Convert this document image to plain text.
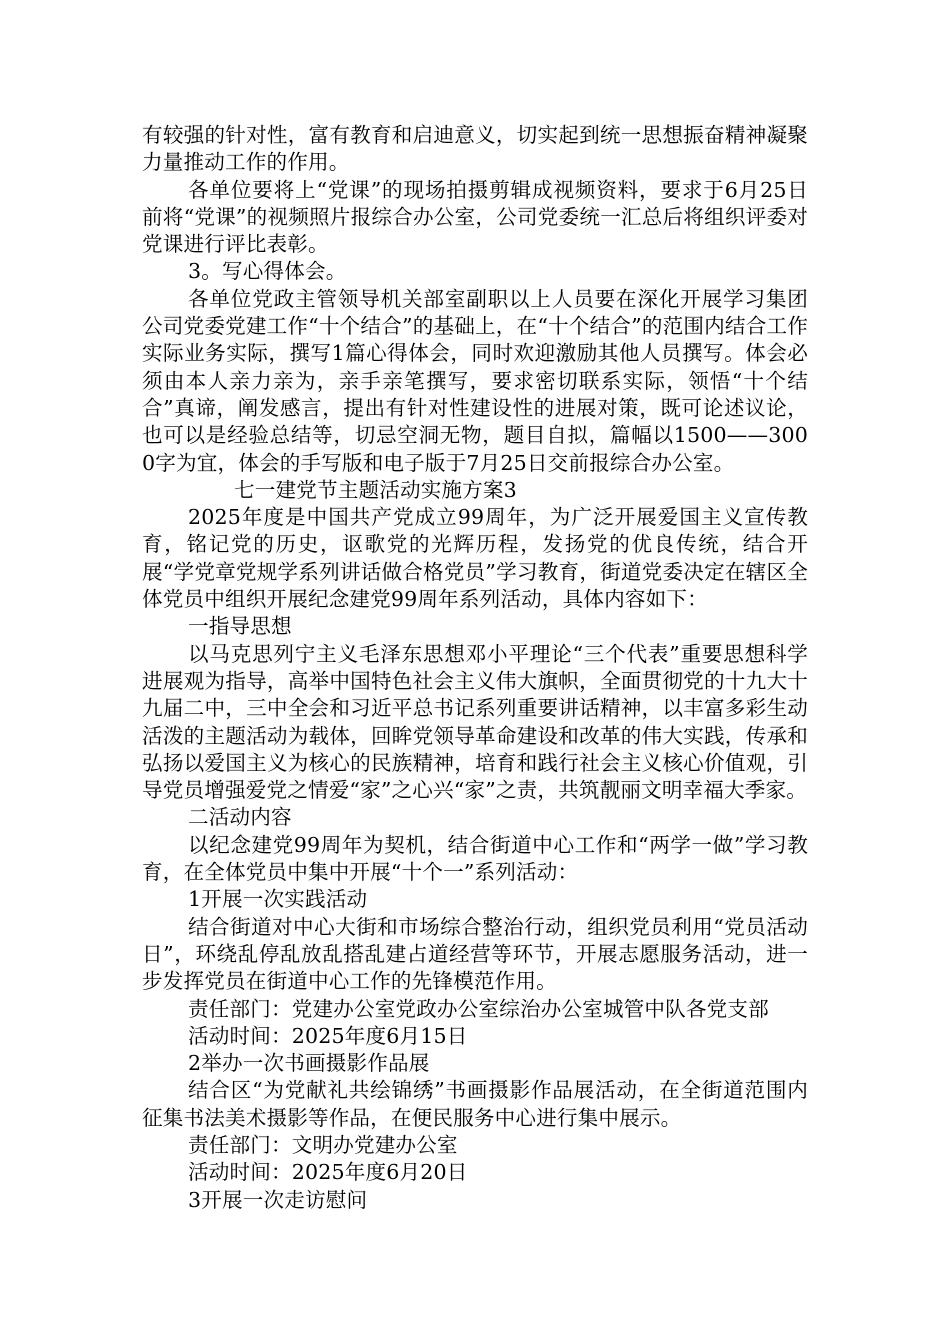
有较强的针对性，富有教育和启迪意义，切实起到统一思想振奋精神凝聚力量推动工作的作用。

各单位要将上“党课”的现场拍摄剪辑成视频资料，要求于6月25日前将“党课”的视频照片报综合办公室，公司党委统一汇总后将组织评委对党课进行评比表彰。

3。写心得体会。

各单位党政主管领导机关部室副职以上人员要在深化开展学习集团公司党委党建工作“十个结合”的基础上，在“十个结合”的范围内结合工作实际业务实际，撰写1篇心得体会，同时欢迎激励其他人员撰写。体会必须由本人亲力亲为，亲手亲笔撰写，要求密切联系实际，领悟“十个结合”真谛，阐发感言，提出有针对性建设性的进展对策，既可论述议论，也可以是经验总结等，切忌空洞无物，题目自拟，篇幅以1500——3000字为宜，体会的手写版和电子版于7月25日交前报综合办公室。

七一建党节主题活动实施方案3

2025年度是中国共产党成立99周年，为广泛开展爱国主义宣传教育，铭记党的历史，讴歌党的光辉历程，发扬党的优良传统，结合开展“学党章党规学系列讲话做合格党员”学习教育，街道党委决定在辖区全体党员中组织开展纪念建党99周年系列活动，具体内容如下：

一指导思想

以马克思列宁主义毛泽东思想邓小平理论“三个代表”重要思想科学进展观为指导，高举中国特色社会主义伟大旗帜，全面贯彻党的十九大十九届二中，三中全会和习近平总书记系列重要讲话精神，以丰富多彩生动活泼的主题活动为载体，回眸党领导革命建设和改革的伟大实践，传承和弘扬以爱国主义为核心的民族精神，培育和践行社会主义核心价值观，引导党员增强爱党之情爱“家”之心兴“家”之责，共筑靓丽文明幸福大季家。

二活动内容

以纪念建党99周年为契机，结合街道中心工作和“两学一做”学习教育，在全体党员中集中开展“十个一”系列活动：

1开展一次实践活动

结合街道对中心大街和市场综合整治行动，组织党员利用“党员活动日”，环绕乱停乱放乱搭乱建占道经营等环节，开展志愿服务活动，进一步发挥党员在街道中心工作的先锋模范作用。

责任部门：党建办公室党政办公室综治办公室城管中队各党支部

活动时间：2025年度6月15日

2举办一次书画摄影作品展

结合区“为党献礼共绘锦绣”书画摄影作品展活动，在全街道范围内征集书法美术摄影等作品，在便民服务中心进行集中展示。

责任部门：文明办党建办公室

活动时间：2025年度6月20日

3开展一次走访慰问
